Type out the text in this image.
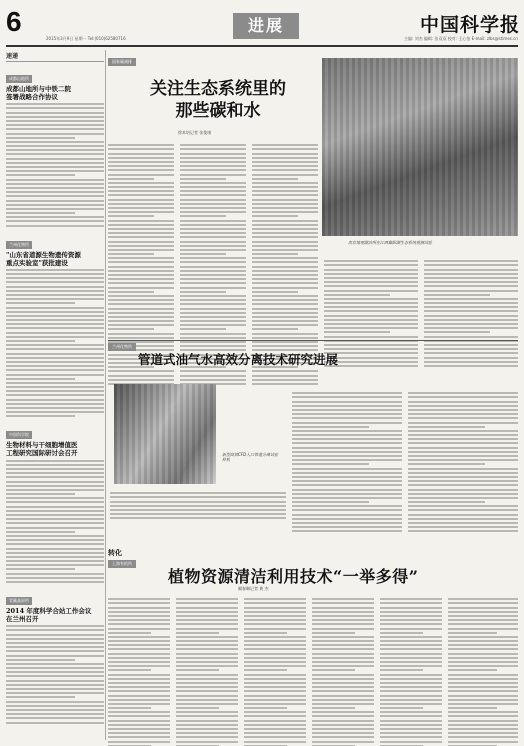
6
2015年3月9日 星期一 Tel:(010)62580716
进展	中国科学报
主编: 刘杰 编辑: 张双双 校对: 王心怡 E-mail: zlbs@stimes.cn
速递
成都山地所
成都山地所与中铁二院
签署战略合作协议
兰州化物所
"山东省道源生物遗传资源
重点实验室"获批建设
中国科学院
生物材料与干细胞增值医
工程研究国际研讨会召开
青藏高原所
2014 年度科学合站工作会议
在兰州召开
国家碳减排
关注生态系统里的
那些碳和水
徐本培记者 张俊康
南京地理湖泊所在江西鄱阳湖生态系统观测试验
兰州化物所
管道式油气水高效分离技术研究进展
新型高效CFD入口管道分离试验样机
转化
上海有机所
植物资源清洁利用技术“一举多得”
阚春琳记者 黄 杰
